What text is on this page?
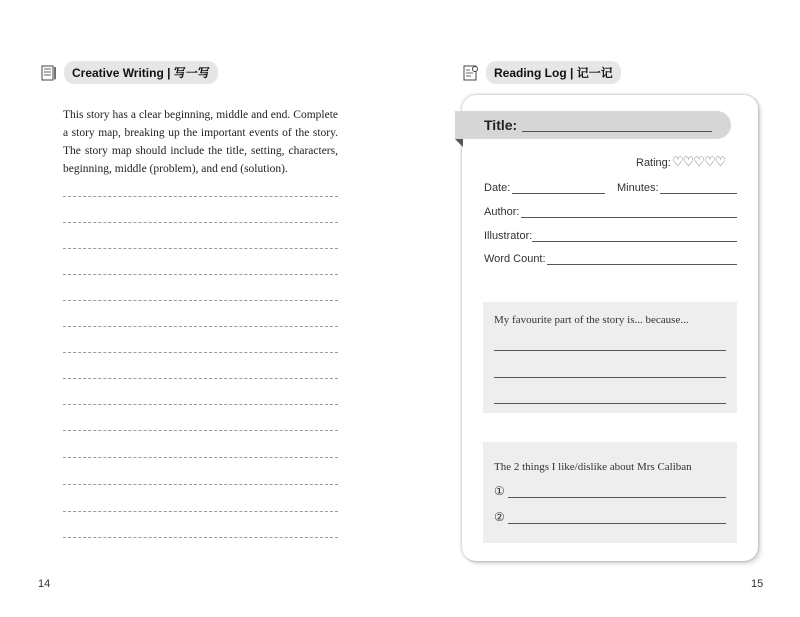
Creative Writing | 写一写
This story has a clear beginning, middle and end. Complete a story map, breaking up the important events of the story. The story map should include the title, setting, characters, beginning, middle (problem), and end (solution).
14
Reading Log | 记一记
Title:
Rating: ♡♡♡♡♡
Date:	Minutes:
Author:
Illustrator:
Word Count:
My favourite part of the story is... because...
The 2 things I like/dislike about Mrs Caliban
①
②
15
